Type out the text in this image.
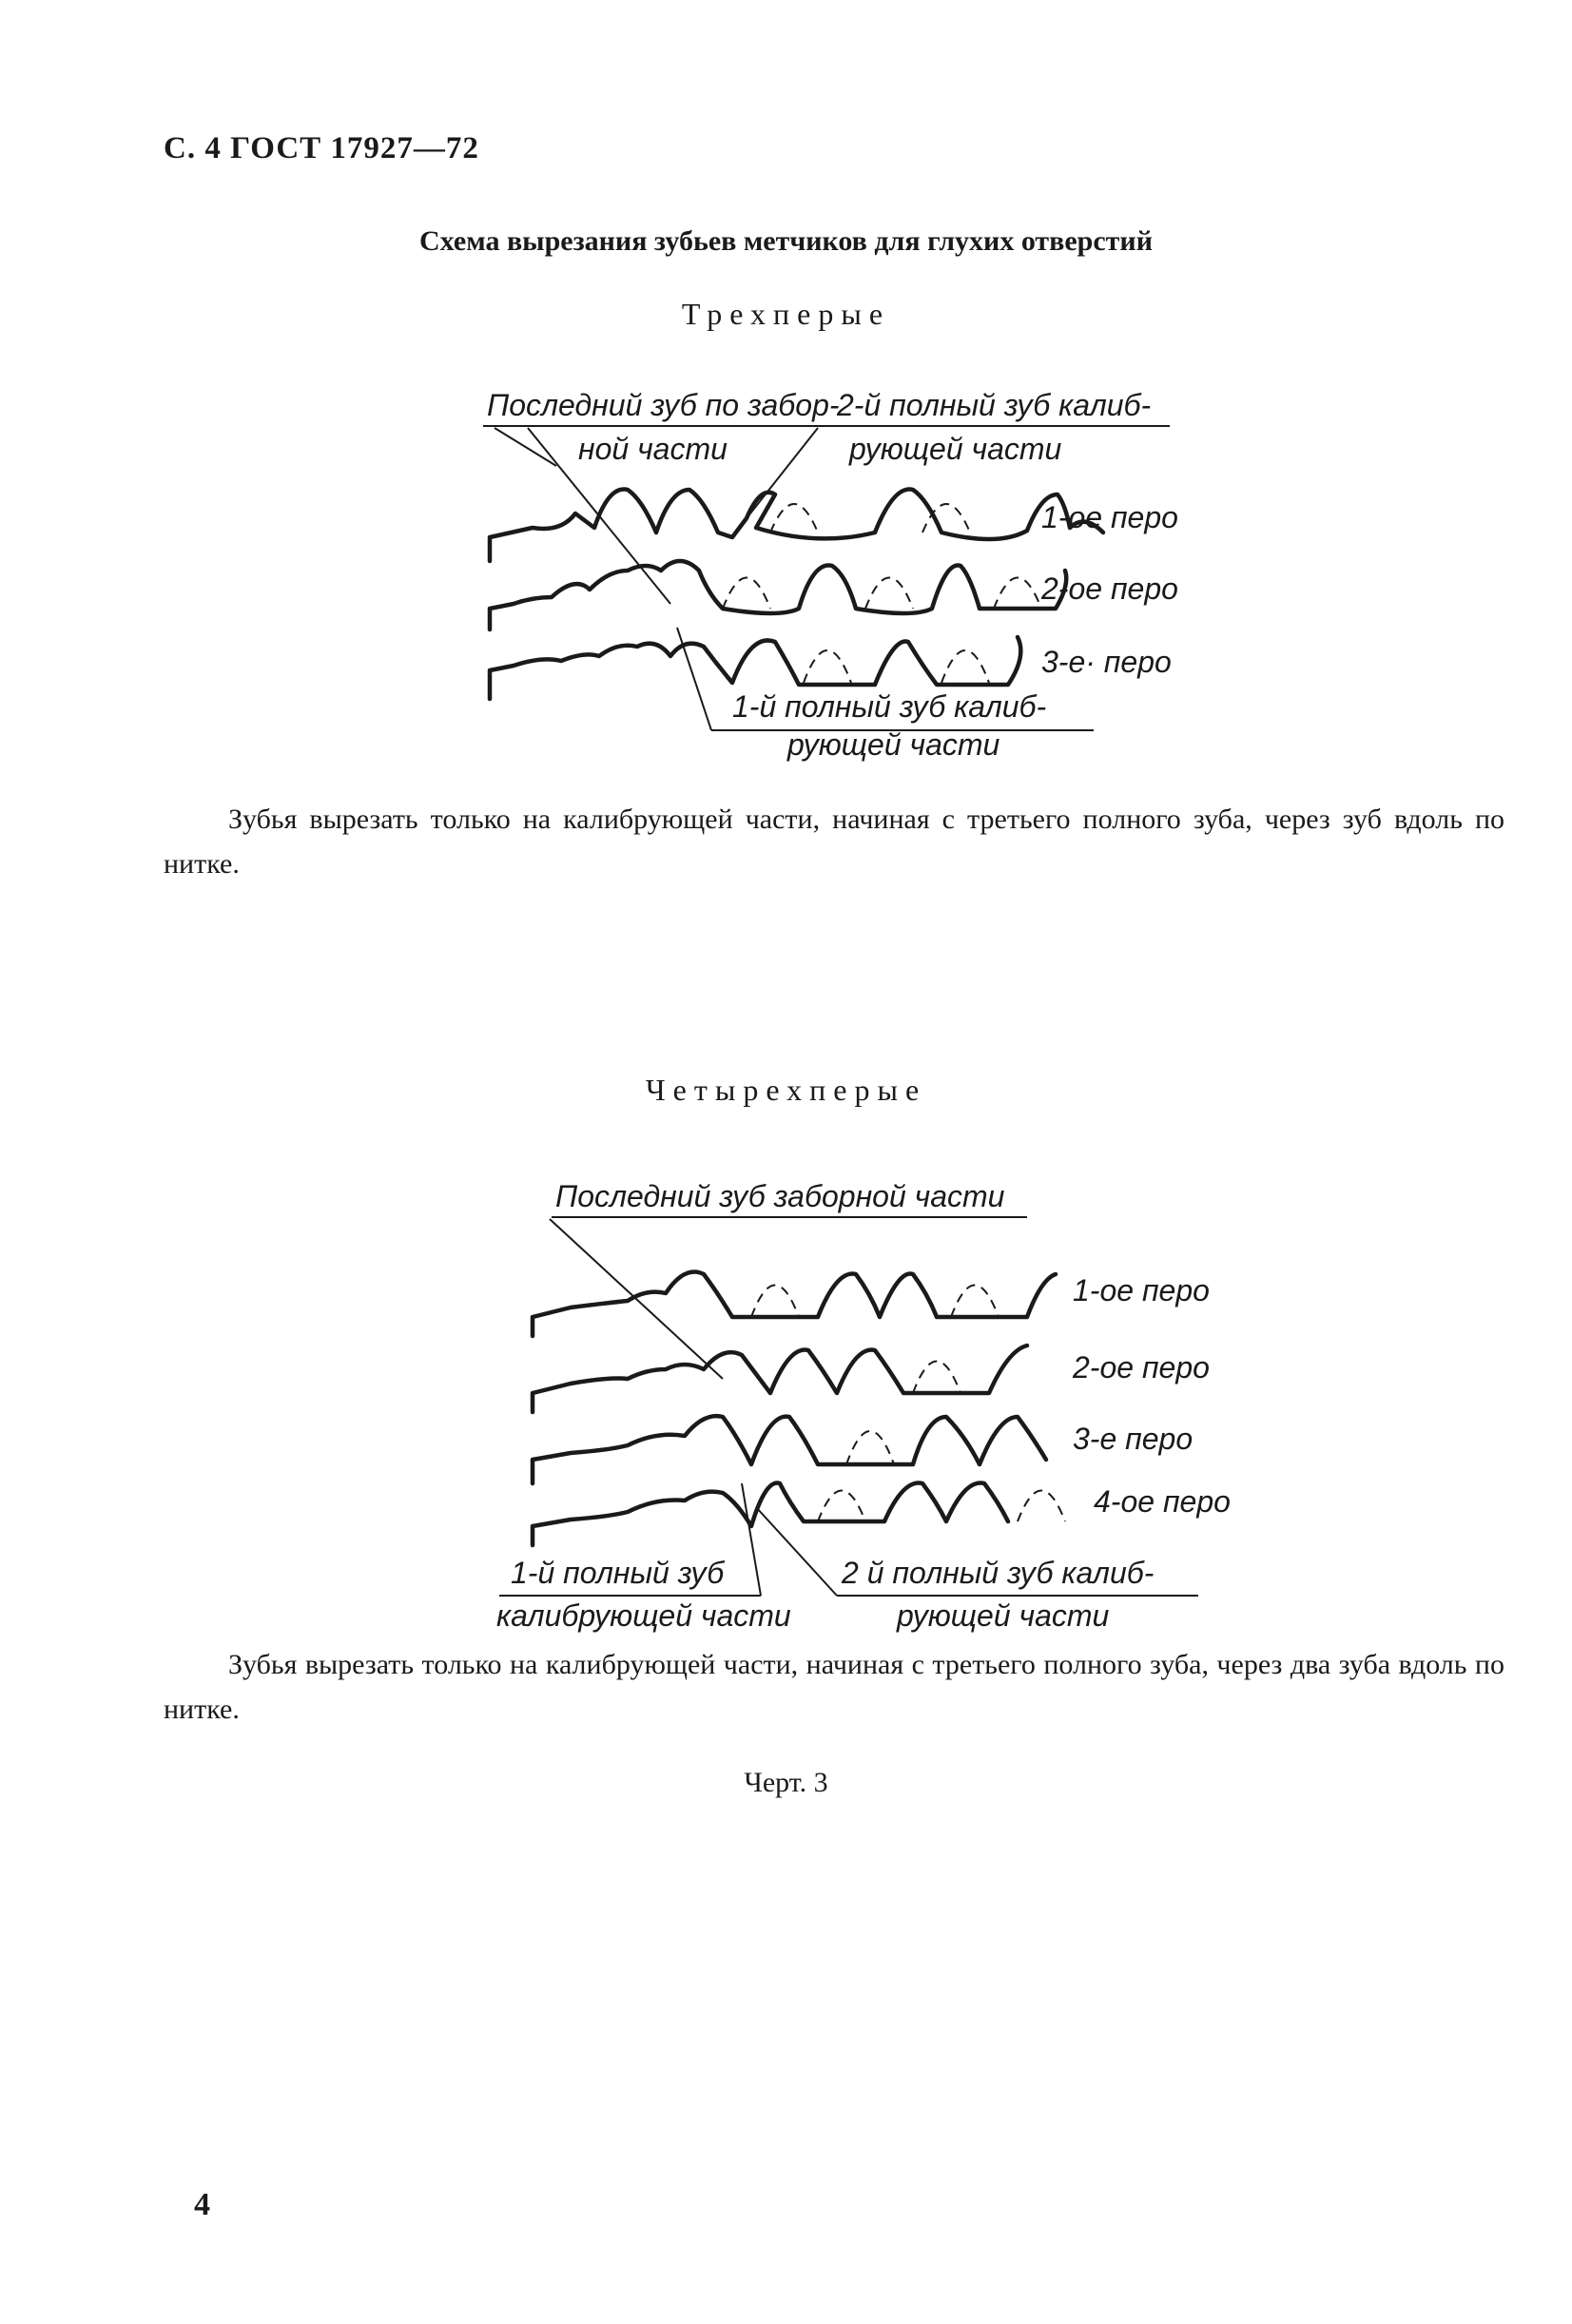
С. 4 ГОСТ 17927—72
Схема вырезания зубьев метчиков для глухих отверстий
Трехперые
Последний зуб по забор-
ной части
2-й полный зуб калиб-
рующей части
1-й полный зуб калиб-
рующей части
1-ое перо
2-ое перо
3-е· перо
Зубья вырезать только на калибрующей части, начиная с третьего полного зуба, через зуб вдоль по нитке.
Четырехперые
Последний зуб заборной части
1-ое перо
2-ое перо
3-е перо
4-ое перо
1-й полный зуб
калибрующей части
2 й полный зуб калиб-
рующей части
Зубья вырезать только на калибрующей части, начиная с третьего полного зуба, через два зуба вдоль по нитке.
Черт. 3
4
